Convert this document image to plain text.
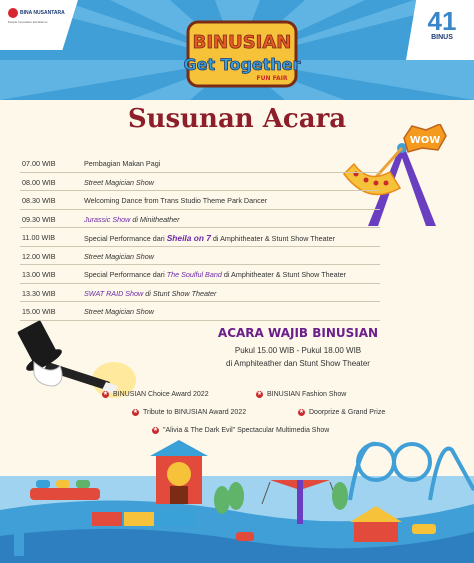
BINA NUSANTARA
People Innovation Excellence	41
BINUS
BINUSIAN
Get Together
FUN FAIR
Susunan Acara
WOW
07.00 WIB	Pembagian Makan Pagi
08.00 WIB	Street Magician Show
08.30 WIB	Welcoming Dance from Trans Studio Theme Park Dancer
09.30 WIB	Jurassic Show di Minitheather
11.00 WIB	Special Performance dari Sheila on 7 di Amphitheater & Stunt Show Theater
12.00 WIB	Street Magician Show
13.00 WIB	Special Performance dari The Soulful Band di Amphitheater & Stunt Show Theater
13.30 WIB	SWAT RAID Show di Stunt Show Theater
15.00 WIB	Street Magician Show
ACARA WAJIB BINUSIAN
Pukul 15.00 WIB - Pukul 18.00 WIB
di Amphiteather dan Stunt Show Theater
★ BINUSIAN Choice Award 2022	★ BINUSIAN Fashion Show
★ Tribute to BINUSIAN Award 2022	★ Doorprize & Grand Prize
★ "Alivia & The Dark Evil" Spectacular Multimedia Show
